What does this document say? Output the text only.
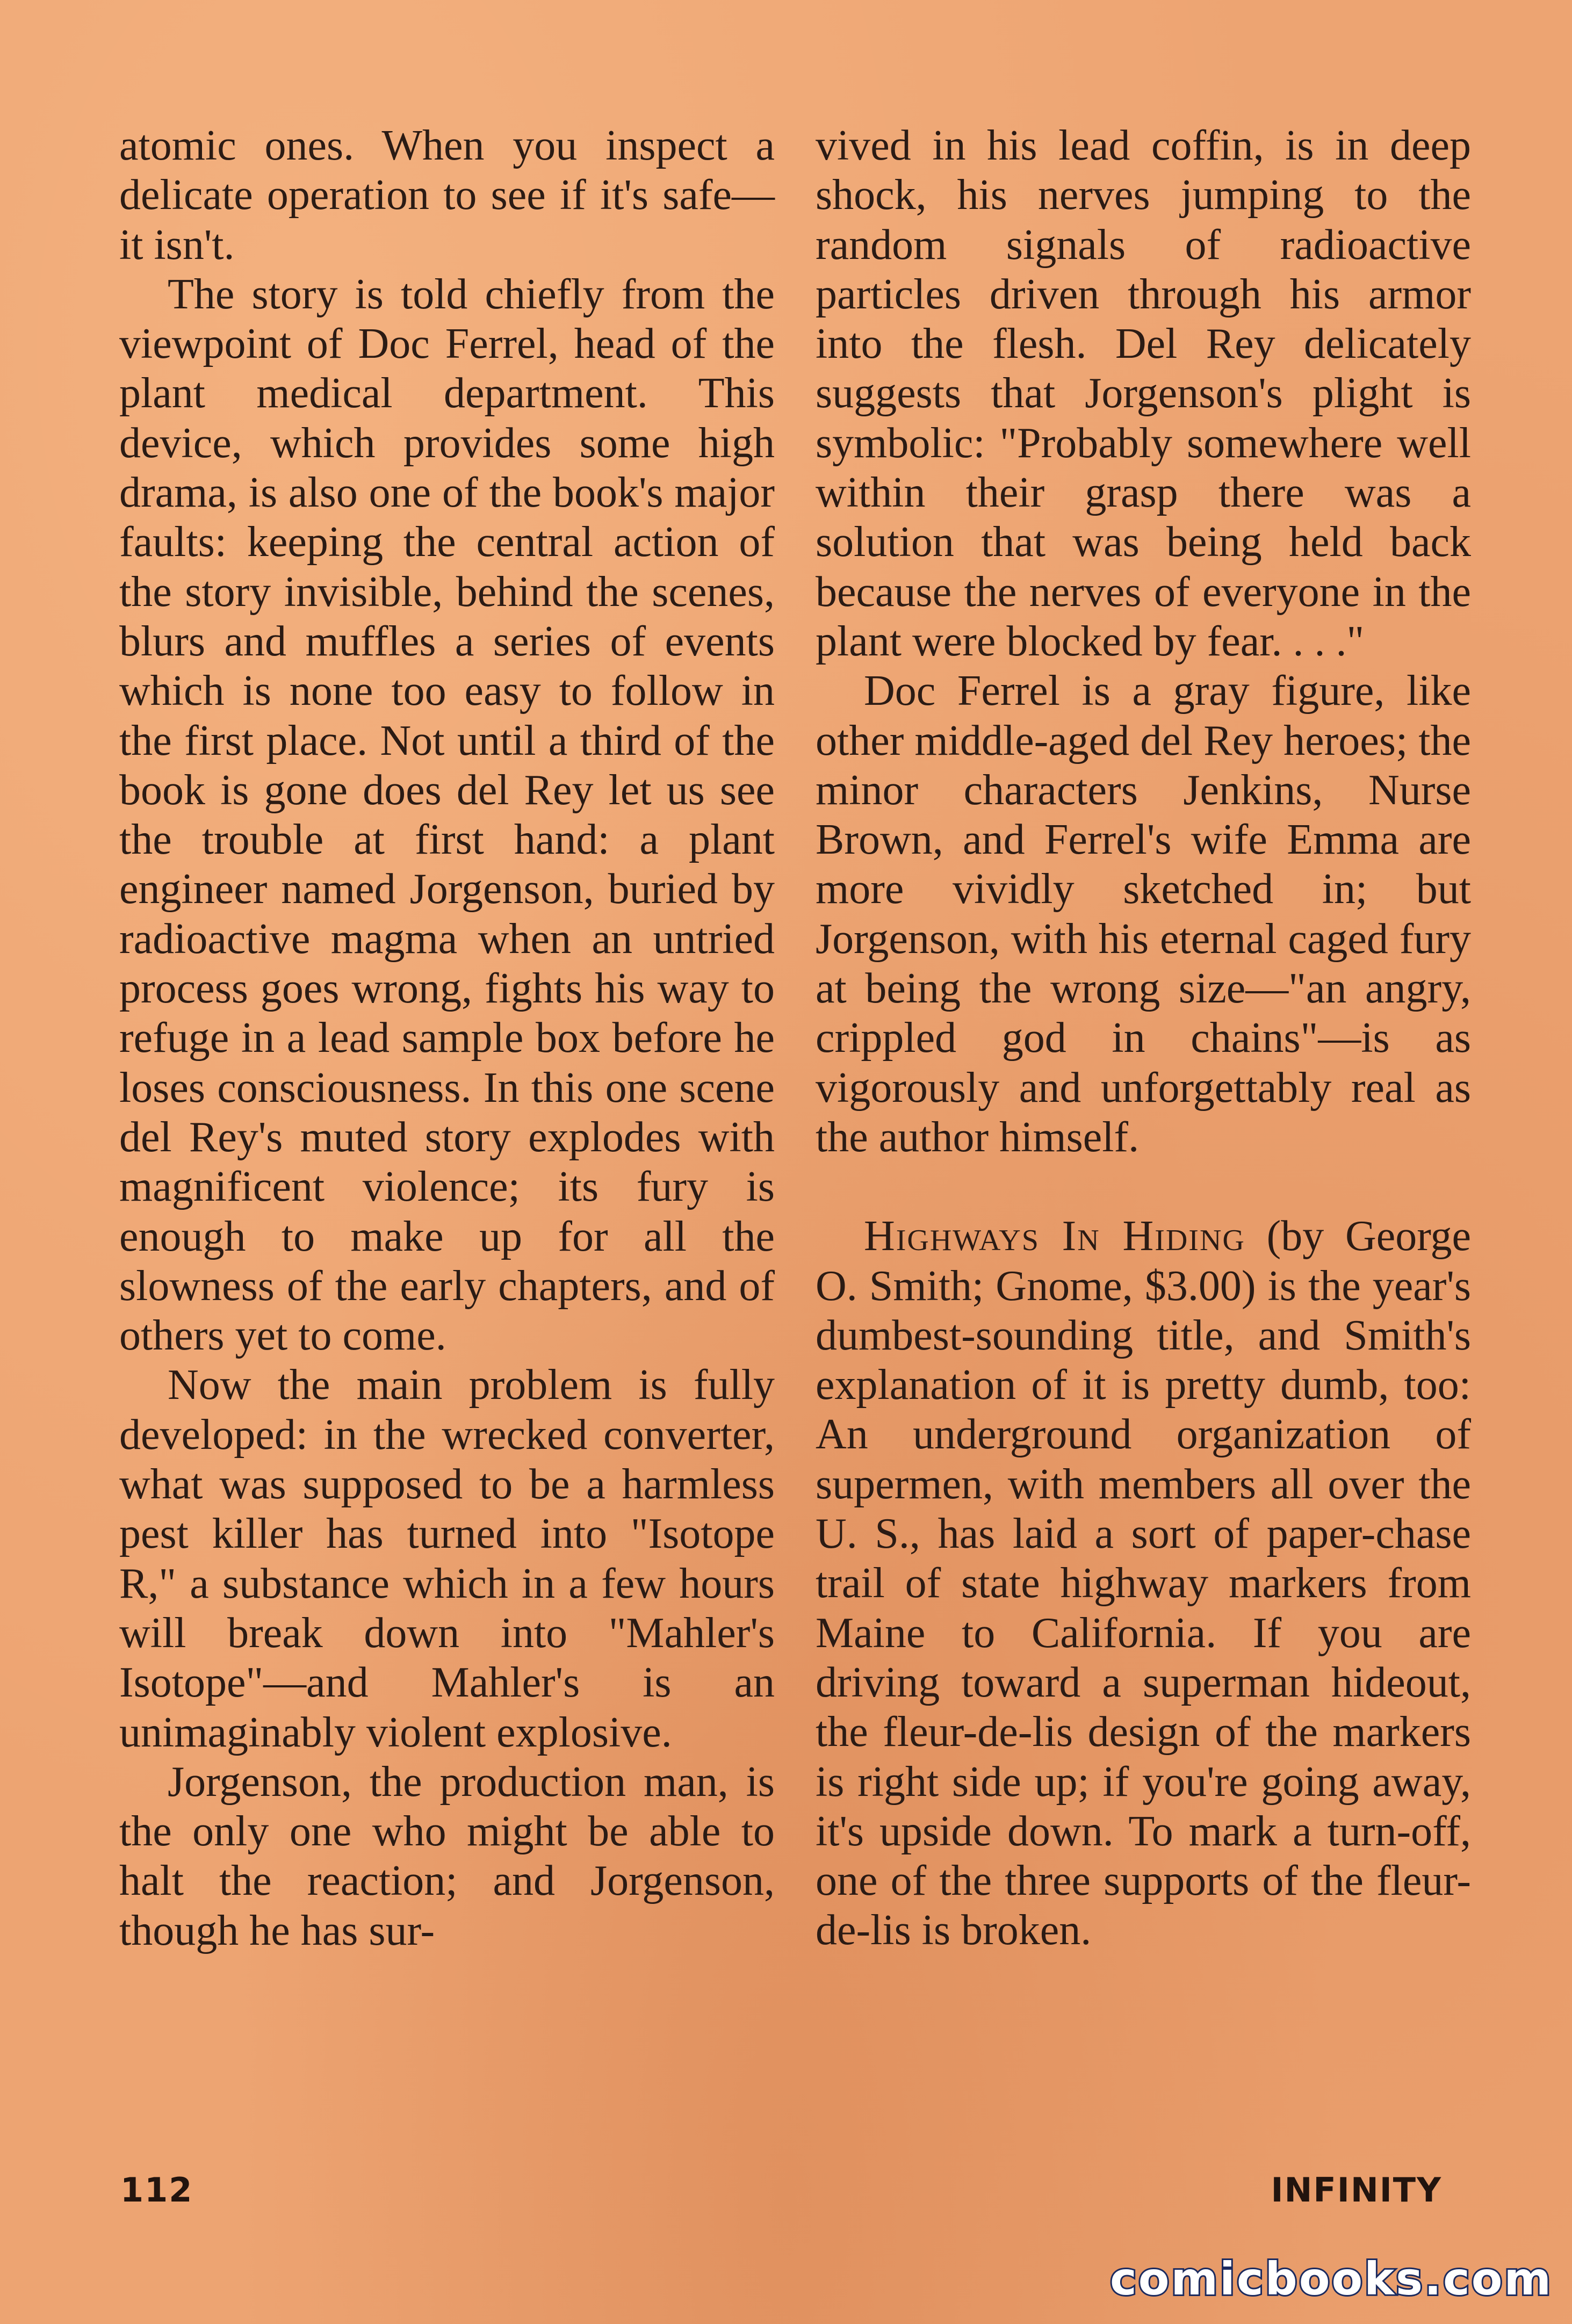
atomic ones. When you inspect a delicate operation to see if it's safe—it isn't.

The story is told chiefly from the viewpoint of Doc Ferrel, head of the plant medical department. This device, which provides some high drama, is also one of the book's major faults: keeping the central action of the story invisible, behind the scenes, blurs and muffles a series of events which is none too easy to follow in the first place. Not until a third of the book is gone does del Rey let us see the trouble at first hand: a plant engineer named Jorgenson, buried by radioactive magma when an untried process goes wrong, fights his way to refuge in a lead sample box before he loses consciousness. In this one scene del Rey's muted story explodes with magnificent violence; its fury is enough to make up for all the slowness of the early chapters, and of others yet to come.

Now the main problem is fully developed: in the wrecked converter, what was supposed to be a harmless pest killer has turned into "Isotope R," a substance which in a few hours will break down into "Mahler's Isotope"—and Mahler's is an unimaginably violent explosive.

Jorgenson, the production man, is the only one who might be able to halt the reaction; and Jorgenson, though he has sur-

vived in his lead coffin, is in deep shock, his nerves jumping to the random signals of radioactive particles driven through his armor into the flesh. Del Rey delicately suggests that Jorgenson's plight is symbolic: "Probably somewhere well within their grasp there was a solution that was being held back because the nerves of everyone in the plant were blocked by fear. . . ."

Doc Ferrel is a gray figure, like other middle-aged del Rey heroes; the minor characters Jenkins, Nurse Brown, and Ferrel's wife Emma are more vividly sketched in; but Jorgenson, with his eternal caged fury at being the wrong size—"an angry, crippled god in chains"—is as vigorously and unforgettably real as the author himself.

Highways In Hiding (by George O. Smith; Gnome, $3.00) is the year's dumbest-sounding title, and Smith's explanation of it is pretty dumb, too: An underground organization of supermen, with members all over the U. S., has laid a sort of paper-chase trail of state highway markers from Maine to California. If you are driving toward a superman hideout, the fleur-de-lis design of the markers is right side up; if you're going away, it's upside down. To mark a turn-off, one of the three supports of the fleur-de-lis is broken.

112	INFINITY
comicbooks.com
